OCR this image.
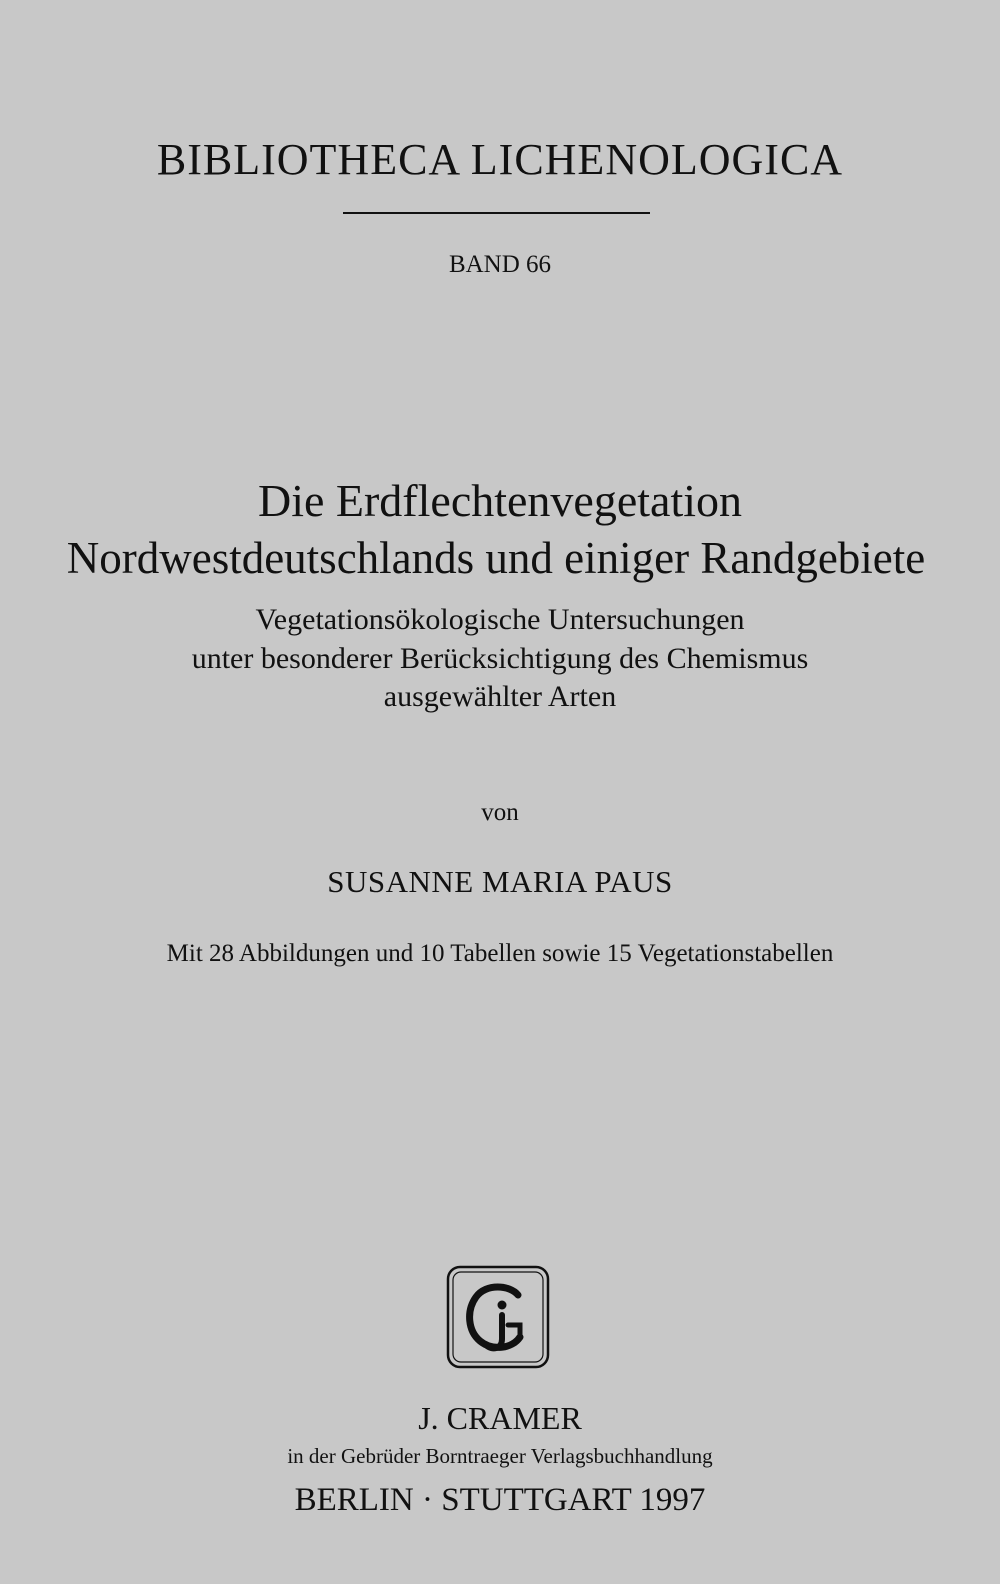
BIBLIOTHECA LICHENOLOGICA
BAND 66
Die Erdflechtenvegetation
Nordwestdeutschlands und einiger Randgebiete
Vegetationsökologische Untersuchungen
unter besonderer Berücksichtigung des Chemismus
ausgewählter Arten
von
SUSANNE MARIA PAUS
Mit 28 Abbildungen und 10 Tabellen sowie 15 Vegetationstabellen
J. CRAMER
in der Gebrüder Borntraeger Verlagsbuchhandlung
BERLIN · STUTTGART 1997
